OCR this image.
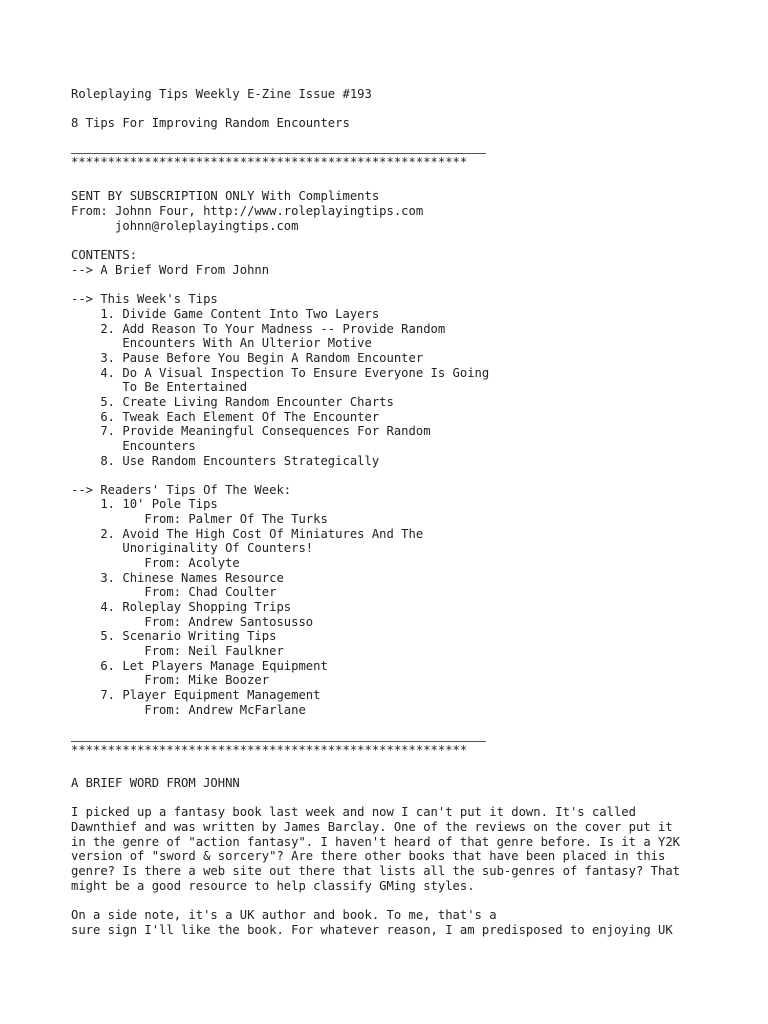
Roleplaying Tips Weekly E-Zine Issue #193
8 Tips For Improving Random Encounters
******************************************************
SENT BY SUBSCRIPTION ONLY With Compliments
From: Johnn Four, http://www.roleplayingtips.com
johnn@roleplayingtips.com
CONTENTS:
--> A Brief Word From Johnn
--> This Week's Tips
1. Divide Game Content Into Two Layers
2. Add Reason To Your Madness -- Provide Random
Encounters With An Ulterior Motive
3. Pause Before You Begin A Random Encounter
4. Do A Visual Inspection To Ensure Everyone Is Going
To Be Entertained
5. Create Living Random Encounter Charts
6. Tweak Each Element Of The Encounter
7. Provide Meaningful Consequences For Random
Encounters
8. Use Random Encounters Strategically
--> Readers' Tips Of The Week:
1. 10' Pole Tips
From: Palmer Of The Turks
2. Avoid The High Cost Of Miniatures And The
Unoriginality Of Counters!
From: Acolyte
3. Chinese Names Resource
From: Chad Coulter
4. Roleplay Shopping Trips
From: Andrew Santosusso
5. Scenario Writing Tips
From: Neil Faulkner
6. Let Players Manage Equipment
From: Mike Boozer
7. Player Equipment Management
From: Andrew McFarlane
******************************************************
A BRIEF WORD FROM JOHNN
I picked up a fantasy book last week and now I can't put it down. It's called
Dawnthief and was written by James Barclay. One of the reviews on the cover put it
in the genre of "action fantasy". I haven't heard of that genre before. Is it a Y2K
version of "sword & sorcery"? Are there other books that have been placed in this
genre? Is there a web site out there that lists all the sub-genres of fantasy? That
might be a good resource to help classify GMing styles.
On a side note, it's a UK author and book. To me, that's a
sure sign I'll like the book. For whatever reason, I am predisposed to enjoying UK
